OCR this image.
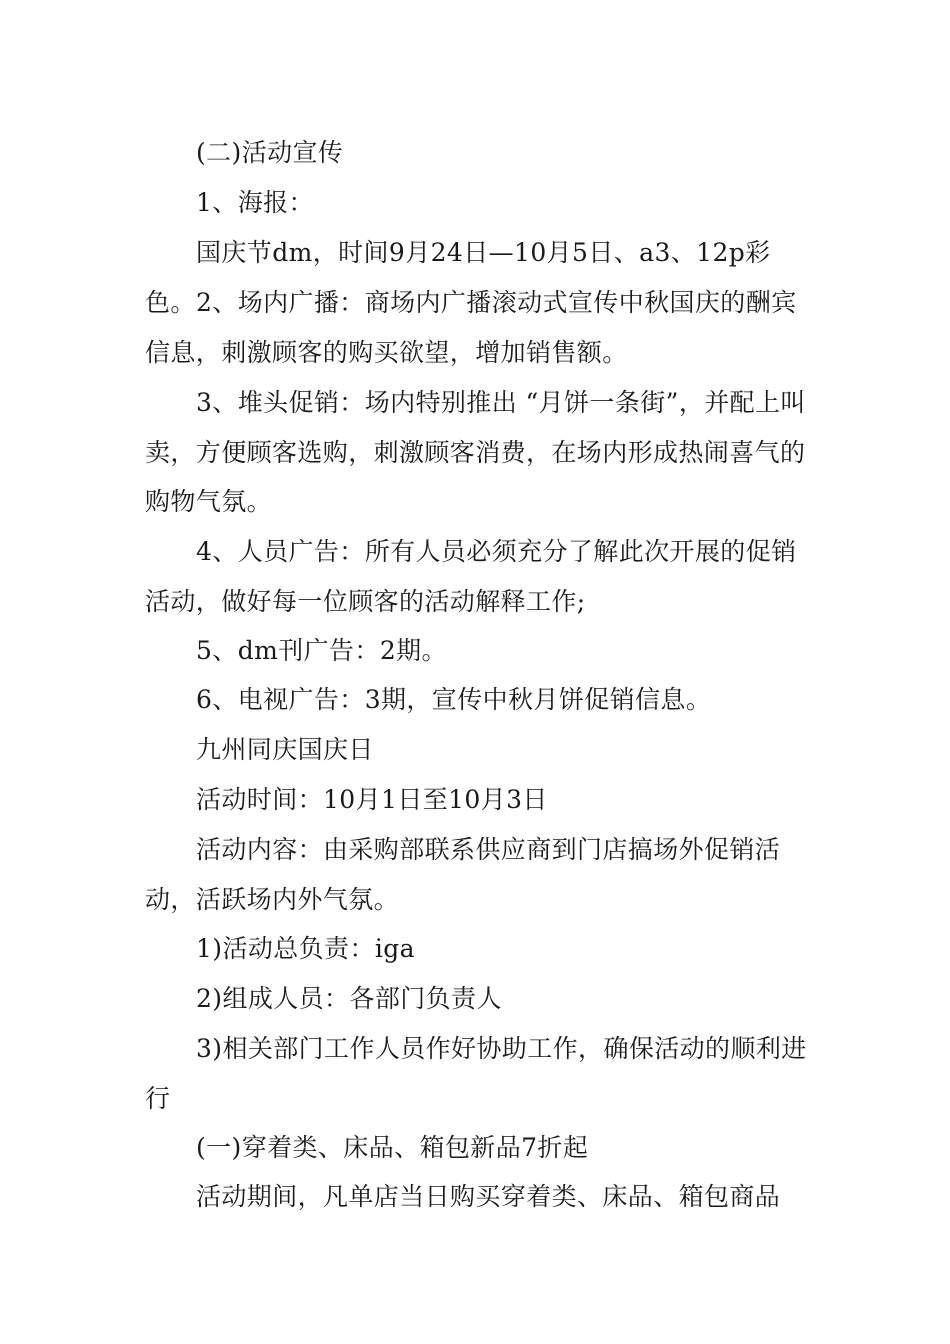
(二)活动宣传

1、海报：

国庆节dm，时间9月24日—10月5日、a3、12p彩色。 2、场内广播：商场内广播滚动式宣传中秋国庆的酬宾信息，刺激顾客的购买欲望，增加销售额。

3、堆头促销：场内特别推出 “月饼一条街”，并配上叫卖，方便顾客选购，刺激顾客消费，在场内形成热闹喜气的购物气氛。

4、人员广告：所有人员必须充分了解此次开展的促销活动，做好每一位顾客的活动解释工作;

5、dm刊广告：2期。

6、电视广告：3期，宣传中秋月饼促销信息。

九州同庆国庆日

活动时间：10月1日至10月3日

活动内容：由采购部联系供应商到门店搞场外促销活动，活跃场内外气氛。

1)活动总负责：iga

2)组成人员：各部门负责人

3)相关部门工作人员作好协助工作，确保活动的顺利进行

(一)穿着类、床品、箱包新品7折起

活动期间，凡单店当日购买穿着类、床品、箱包商品
